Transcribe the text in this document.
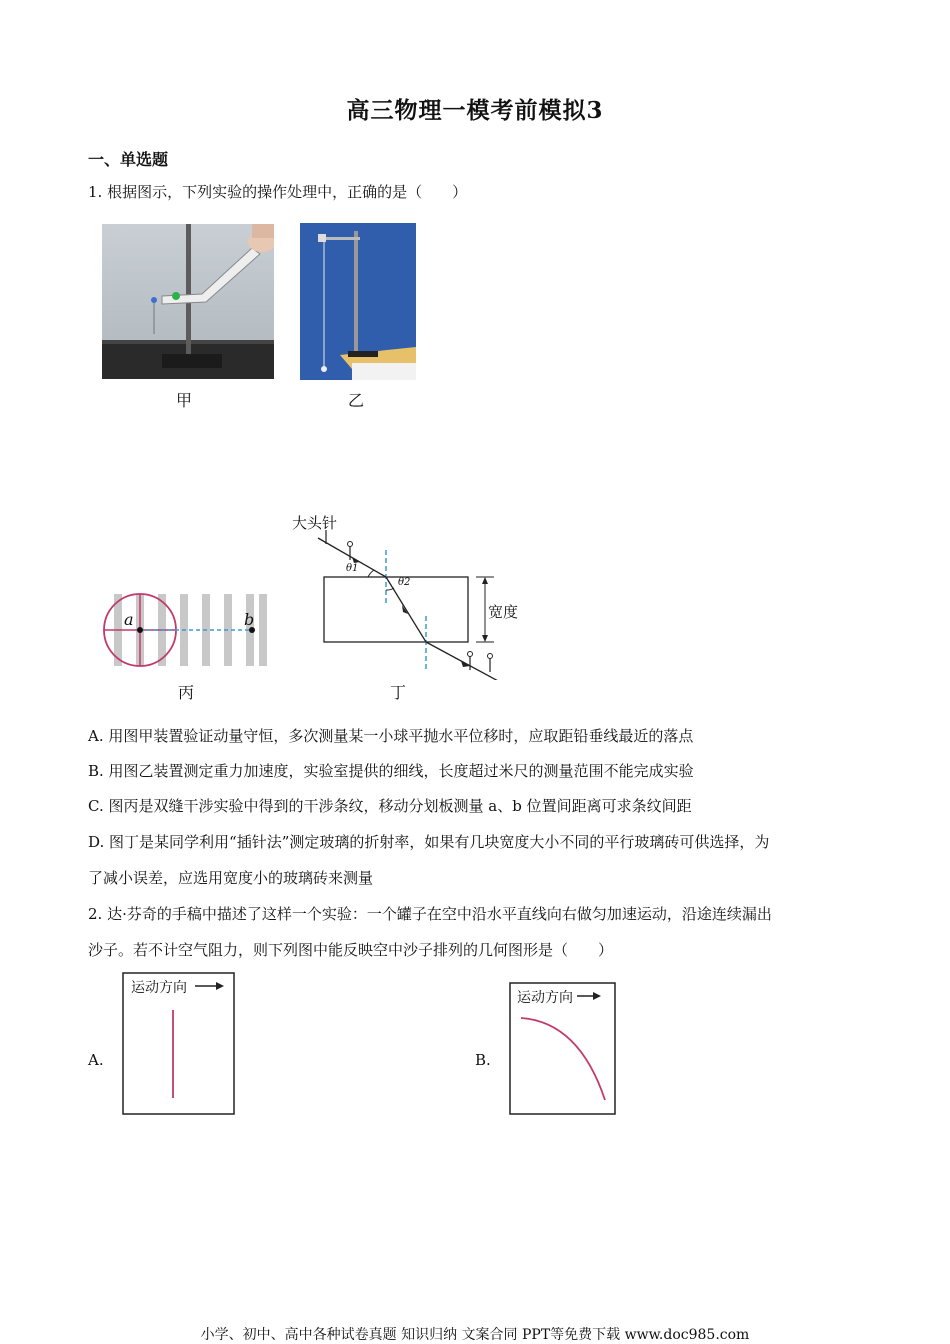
高三物理一模考前模拟3
一、单选题
1. 根据图示，下列实验的操作处理中，正确的是（　　）
甲	乙
a	b
丙
大头针
宽度
θ1
θ2
丁
A. 用图甲装置验证动量守恒，多次测量某一小球平抛水平位移时，应取距铅垂线最近的落点
B. 用图乙装置测定重力加速度，实验室提供的细线，长度超过米尺的测量范围不能完成实验
C. 图丙是双缝干涉实验中得到的干涉条纹，移动分划板测量 a、b 位置间距离可求条纹间距
D. 图丁是某同学利用“插针法”测定玻璃的折射率，如果有几块宽度大小不同的平行玻璃砖可供选择，为
了减小误差，应选用宽度小的玻璃砖来测量
2. 达·芬奇的手稿中描述了这样一个实验：一个罐子在空中沿水平直线向右做匀加速运动，沿途连续漏出
沙子。若不计空气阻力，则下列图中能反映空中沙子排列的几何图形是（　　）
A.
运动方向
B.
运动方向
小学、初中、高中各种试卷真题 知识归纳 文案合同 PPT等免费下载 www.doc985.com
